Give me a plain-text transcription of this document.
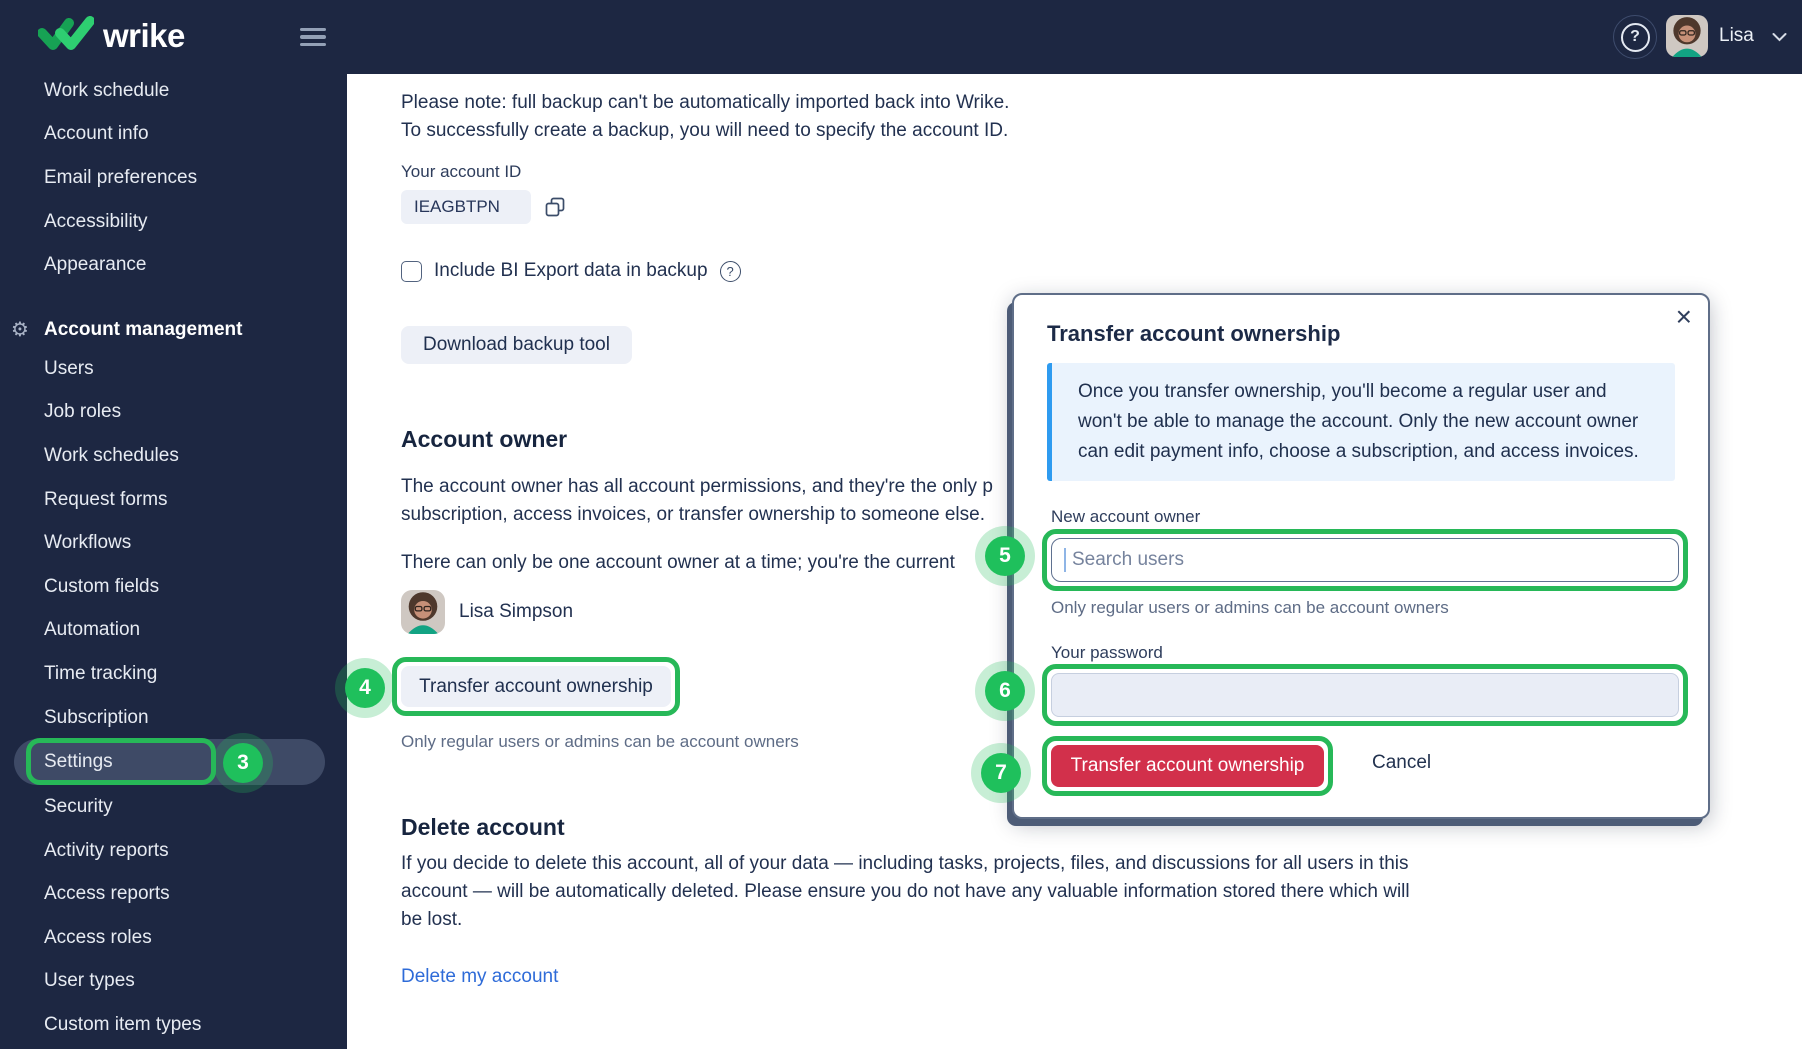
wrike	?	Lisa
Work schedule
Account info
Email preferences
Accessibility
Appearance
⚙ Account management
Users
Job roles
Work schedules
Request forms
Workflows
Custom fields
Automation
Time tracking
Subscription
Settings
Security
Activity reports
Access reports
Access roles
User types
Custom item types
Please note: full backup can't be automatically imported back into Wrike.
To successfully create a backup, you will need to specify the account ID.
Your account ID
IEAGBTPN
Include BI Export data in backup	?
Download backup tool
Account owner
The account owner has all account permissions, and they're the only p
subscription, access invoices, or transfer ownership to someone else.
There can only be one account owner at a time; you're the current
Lisa Simpson
Transfer account ownership
Only regular users or admins can be account owners
Delete account
If you decide to delete this account, all of your data — including tasks, projects, files, and discussions for all users in this account — will be automatically deleted. Please ensure you do not have any valuable information stored there which will be lost.
Delete my account
Transfer account ownership
×

Once you transfer ownership, you'll become a regular user and won't be able to manage the account. Only the new account owner can edit payment info, choose a subscription, and access invoices.

New account owner
Search users
Only regular users or admins can be account owners
Your password
Transfer account ownership	Cancel
3
4
5
6
7
